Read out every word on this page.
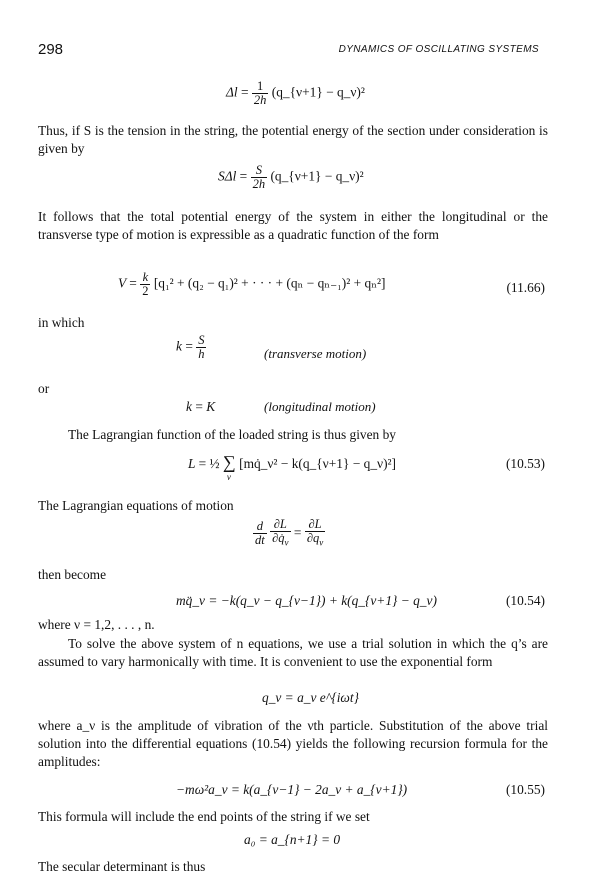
298	DYNAMICS OF OSCILLATING SYSTEMS
$\Delta l = \frac{1}{2h}$ (q_{ν+1} − q_ν)²
Thus, if S is the tension in the string, the potential energy of the section under consideration is given by
$S\Delta l = \frac{S}{2h}$ (q_{ν+1} − q_ν)²
It follows that the total potential energy of the system in either the longitudinal or the transverse type of motion is expressible as a quadratic function of the form
$V = \frac{k}{2} [q_1^2 + (q_2 - q_1)^2$ + · · · + (qₙ − qₙ₋₁)² + qₙ²]	(11.66)
in which
$k = \frac{S}{h}$	(transverse motion)
or
k = K	(longitudinal motion)
The Lagrangian function of the loaded string is thus given by
L = ½ ∑
ν
[mq̇_ν² − k(q_{ν+1} − q_ν)²]	(10.53)
The Lagrangian equations of motion
$\frac{d}{dt}$
$\frac{\partial L}{\partial q̇_\nu} = \frac{\partial L}{\partial q_\nu}$
then become
mq̈_ν = −k(q_ν − q_{ν−1}) + k(q_{ν+1} − q_ν)	(10.54)
where ν = 1,2, . . . , n.
To solve the above system of n equations, we use a trial solution in which the q’s are assumed to vary harmonically with time. It is convenient to use the exponential form
q_ν = a_ν e^{iωt}
where a_ν is the amplitude of vibration of the νth particle. Substitution of the above trial solution into the differential equations (10.54) yields the following recursion formula for the amplitudes:
−mω²a_ν = k(a_{ν−1} − 2a_ν + a_{ν+1})	(10.55)
This formula will include the end points of the string if we set
a₀ = a_{n+1} = 0
The secular determinant is thus
